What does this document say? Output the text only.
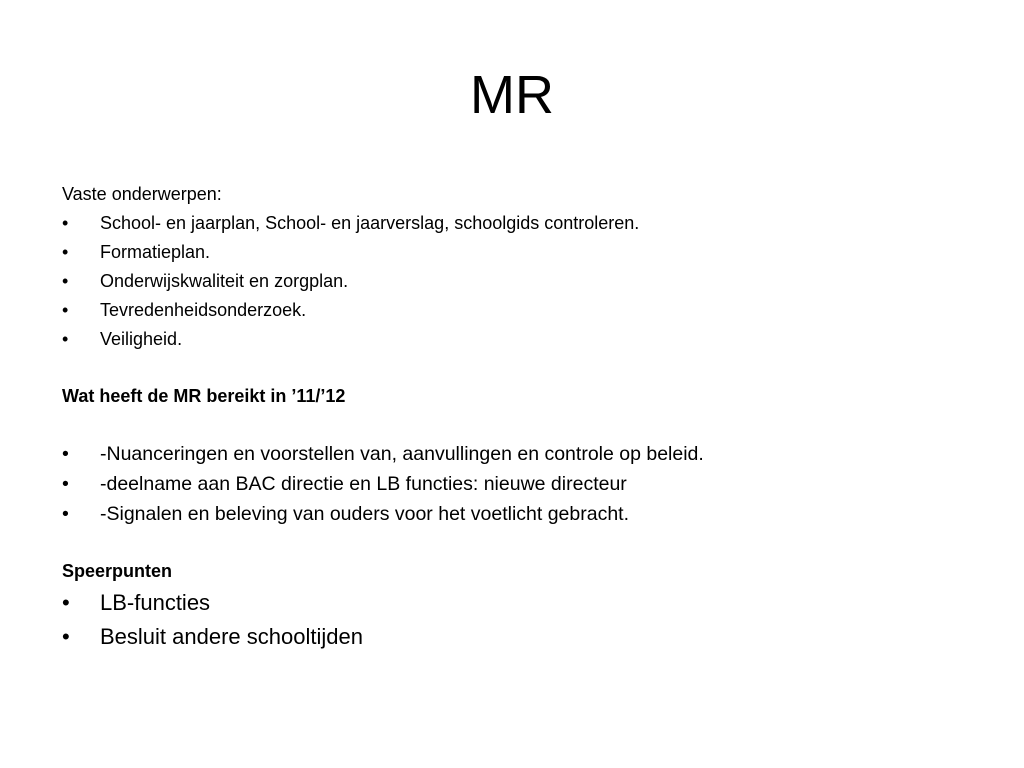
MR
Vaste onderwerpen:
• School- en jaarplan, School- en jaarverslag, schoolgids controleren.
• Formatieplan.
• Onderwijskwaliteit en zorgplan.
• Tevredenheidsonderzoek.
• Veiligheid.
Wat heeft de MR bereikt in ’11/’12
• -Nuanceringen en voorstellen van, aanvullingen en controle op beleid.
• -deelname aan BAC directie en LB functies: nieuwe directeur
• -Signalen en beleving van ouders voor het voetlicht gebracht.
Speerpunten
• LB-functies
• Besluit andere schooltijden
